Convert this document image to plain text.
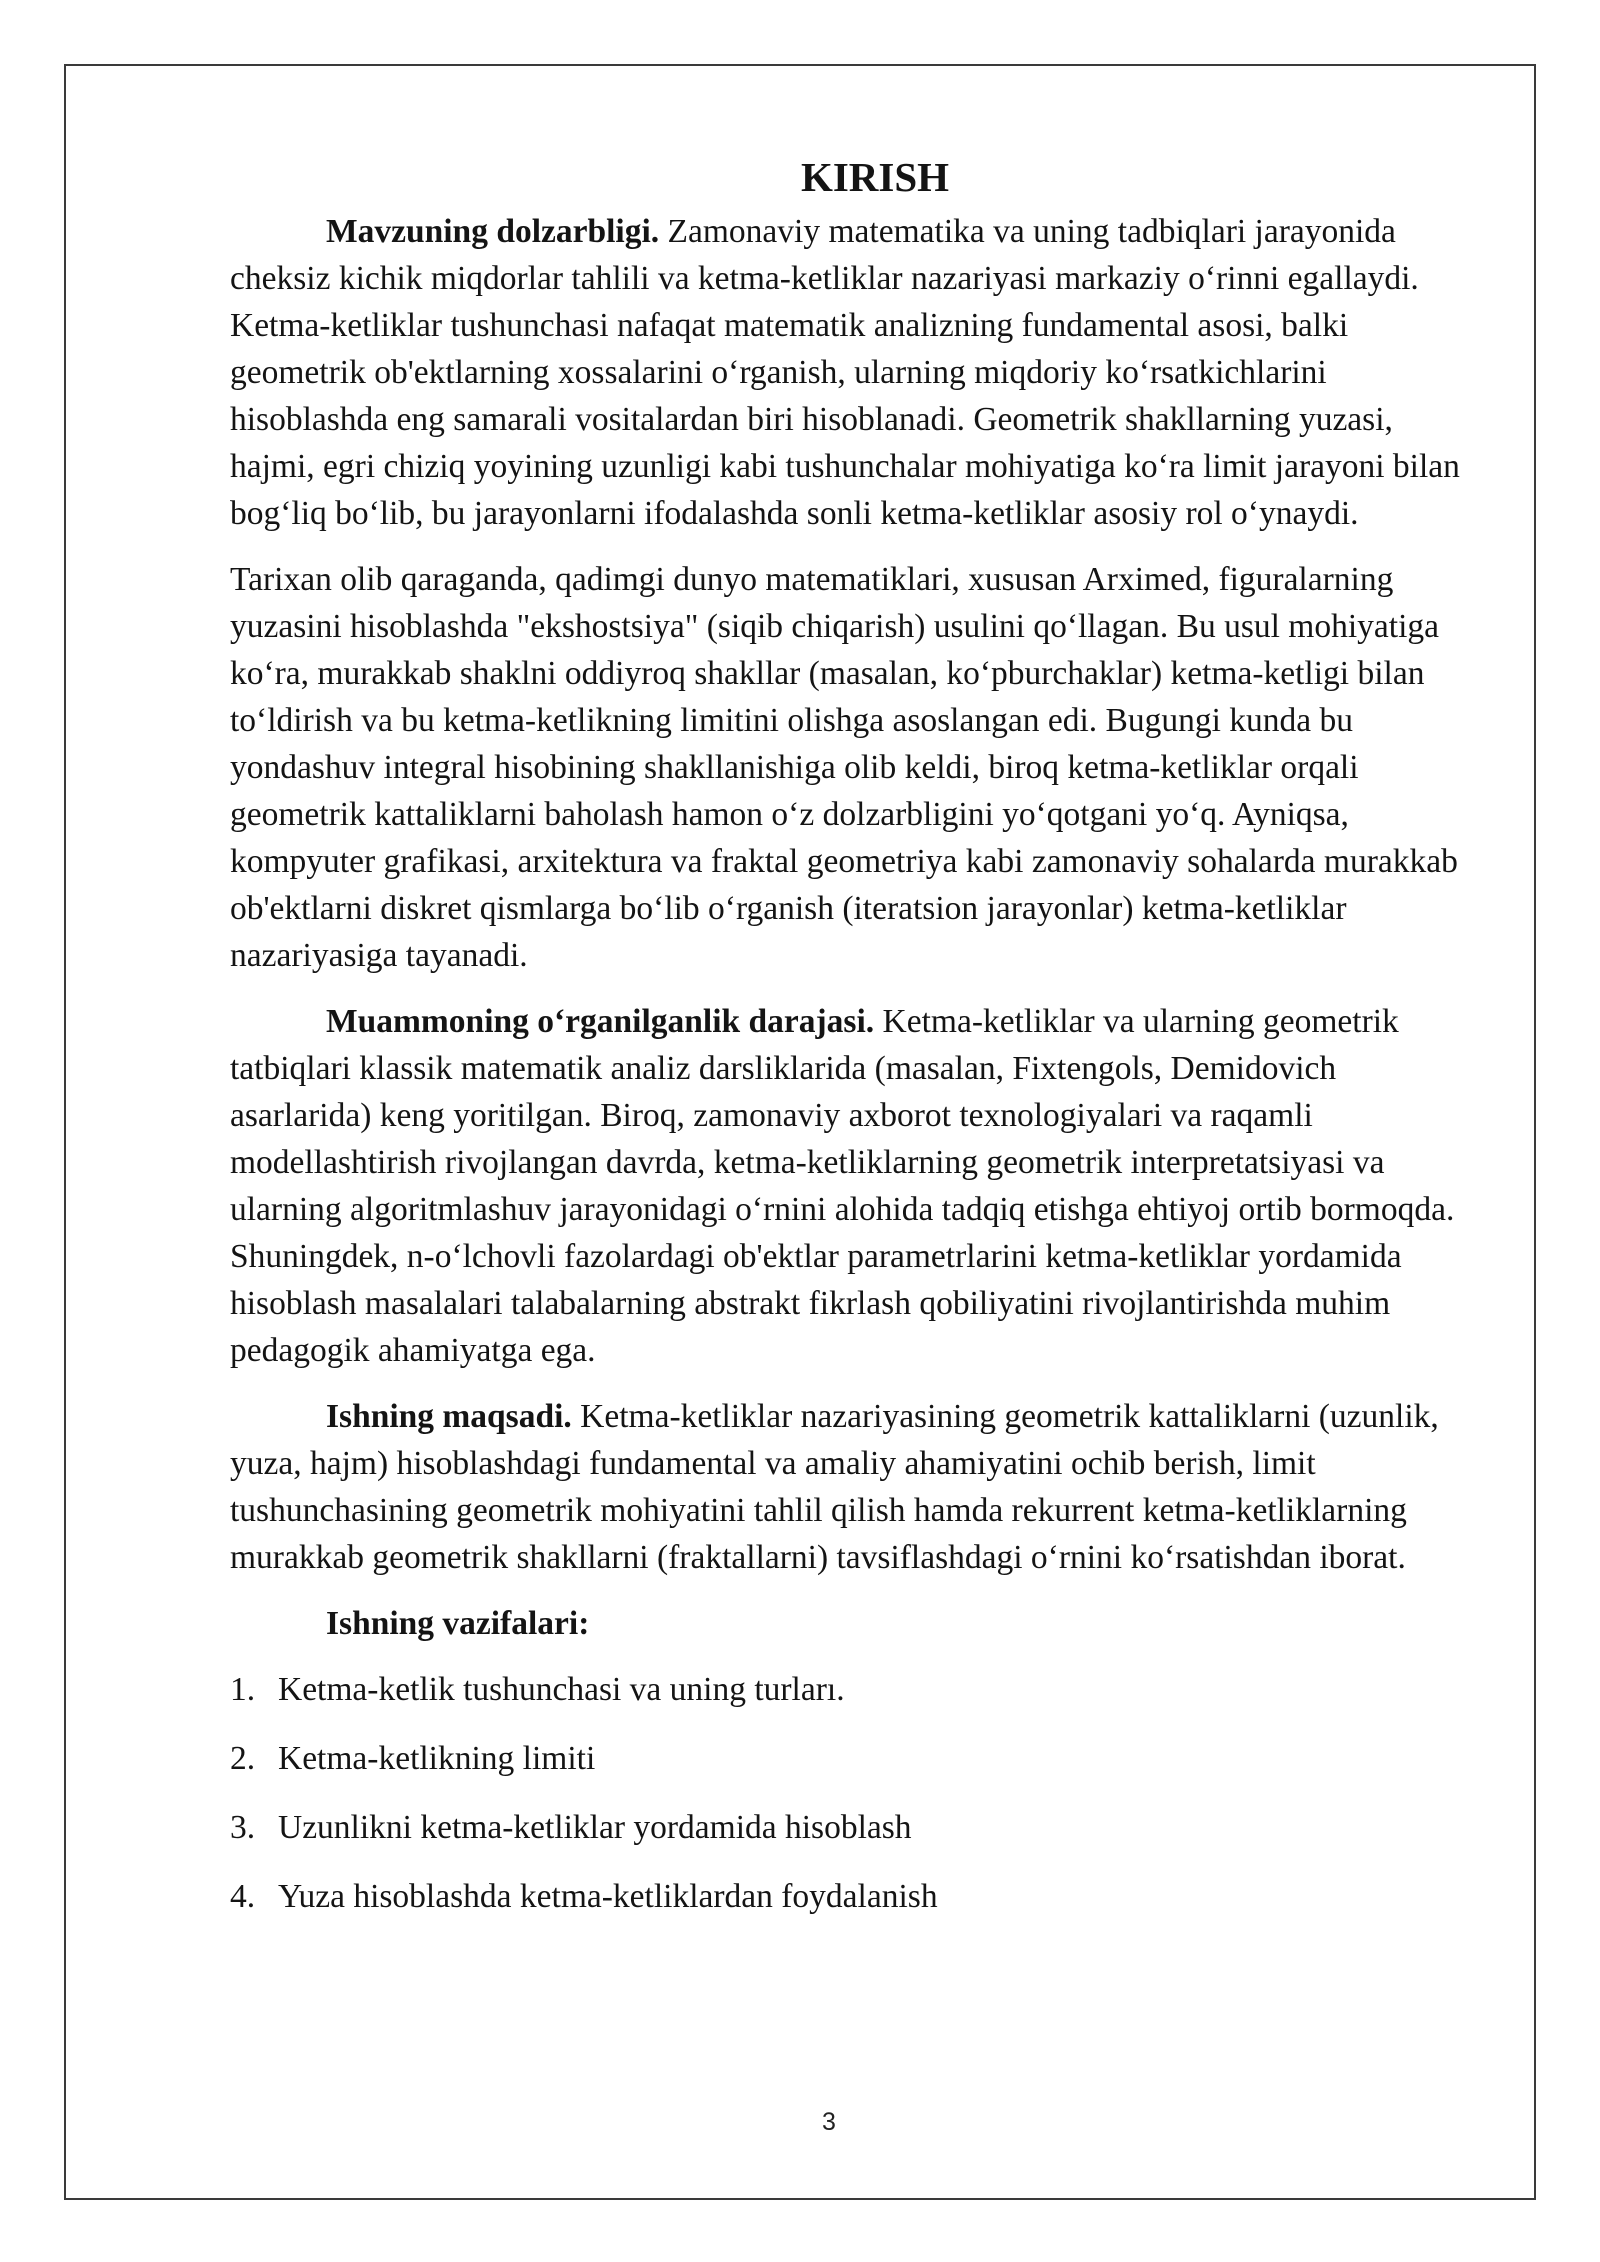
KIRISH

Mavzuning dolzarbligi. Zamonaviy matematika va uning tadbiqlari jarayonida cheksiz kichik miqdorlar tahlili va ketma-ketliklar nazariyasi markaziy o‘rinni egallaydi. Ketma-ketliklar tushunchasi nafaqat matematik analizning fundamental asosi, balki geometrik ob'ektlarning xossalarini o‘rganish, ularning miqdoriy ko‘rsatkichlarini hisoblashda eng samarali vositalardan biri hisoblanadi. Geometrik shakllarning yuzasi, hajmi, egri chiziq yoyining uzunligi kabi tushunchalar mohiyatiga ko‘ra limit jarayoni bilan bog‘liq bo‘lib, bu jarayonlarni ifodalashda sonli ketma-ketliklar asosiy rol o‘ynaydi.

Tarixan olib qaraganda, qadimgi dunyo matematiklari, xususan Arximed, figuralarning yuzasini hisoblashda "ekshostsiya" (siqib chiqarish) usulini qo‘llagan. Bu usul mohiyatiga ko‘ra, murakkab shaklni oddiyroq shakllar (masalan, ko‘pburchaklar) ketma-ketligi bilan to‘ldirish va bu ketma-ketlikning limitini olishga asoslangan edi. Bugungi kunda bu yondashuv integral hisobining shakllanishiga olib keldi, biroq ketma-ketliklar orqali geometrik kattaliklarni baholash hamon o‘z dolzarbligini yo‘qotgani yo‘q. Ayniqsa, kompyuter grafikasi, arxitektura va fraktal geometriya kabi zamonaviy sohalarda murakkab ob'ektlarni diskret qismlarga bo‘lib o‘rganish (iteratsion jarayonlar) ketma-ketliklar nazariyasiga tayanadi.

Muammoning o‘rganilganlik darajasi. Ketma-ketliklar va ularning geometrik tatbiqlari klassik matematik analiz darsliklarida (masalan, Fixtengols, Demidovich asarlarida) keng yoritilgan. Biroq, zamonaviy axborot texnologiyalari va raqamli modellashtirish rivojlangan davrda, ketma-ketliklarning geometrik interpretatsiyasi va ularning algoritmlashuv jarayonidagi o‘rnini alohida tadqiq etishga ehtiyoj ortib bormoqda. Shuningdek, n-o‘lchovli fazolardagi ob'ektlar parametrlarini ketma-ketliklar yordamida hisoblash masalalari talabalarning abstrakt fikrlash qobiliyatini rivojlantirishda muhim pedagogik ahamiyatga ega.

Ishning maqsadi. Ketma-ketliklar nazariyasining geometrik kattaliklarni (uzunlik, yuza, hajm) hisoblashdagi fundamental va amaliy ahamiyatini ochib berish, limit tushunchasining geometrik mohiyatini tahlil qilish hamda rekurrent ketma-ketliklarning murakkab geometrik shakllarni (fraktallarni) tavsiflashdagi o‘rnini ko‘rsatishdan iborat.

Ishning vazifalari:
1. Ketma-ketlik tushunchasi va uning turları.
2. Ketma-ketlikning limiti
3. Uzunlikni ketma-ketliklar yordamida hisoblash
4. Yuza hisoblashda ketma-ketliklardan foydalanish
3
